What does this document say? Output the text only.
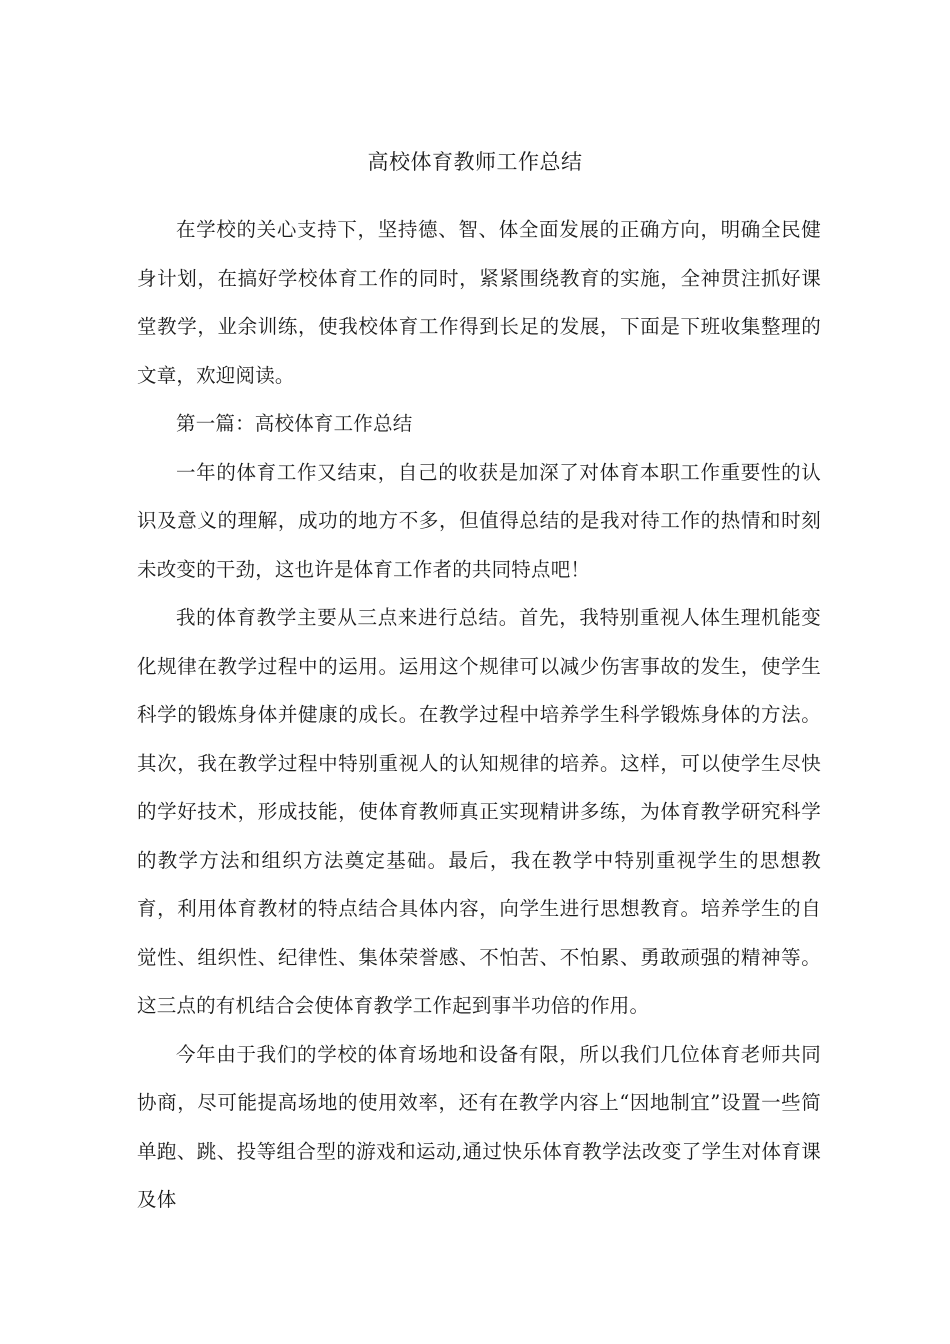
高校体育教师工作总结

在学校的关心支持下，坚持德、智、体全面发展的正确方向，明确全民健身计划，在搞好学校体育工作的同时，紧紧围绕教育的实施，全神贯注抓好课堂教学，业余训练，使我校体育工作得到长足的发展，下面是下班收集整理的文章，欢迎阅读。

第一篇：高校体育工作总结

一年的体育工作又结束，自己的收获是加深了对体育本职工作重要性的认识及意义的理解，成功的地方不多，但值得总结的是我对待工作的热情和时刻未改变的干劲，这也许是体育工作者的共同特点吧！

我的体育教学主要从三点来进行总结。首先，我特别重视人体生理机能变化规律在教学过程中的运用。运用这个规律可以减少伤害事故的发生，使学生科学的锻炼身体并健康的成长。在教学过程中培养学生科学锻炼身体的方法。其次，我在教学过程中特别重视人的认知规律的培养。这样，可以使学生尽快的学好技术，形成技能，使体育教师真正实现精讲多练，为体育教学研究科学的教学方法和组织方法奠定基础。最后，我在教学中特别重视学生的思想教育，利用体育教材的特点结合具体内容，向学生进行思想教育。培养学生的自觉性、组织性、纪律性、集体荣誉感、不怕苦、不怕累、勇敢顽强的精神等。这三点的有机结合会使体育教学工作起到事半功倍的作用。

今年由于我们的学校的体育场地和设备有限，所以我们几位体育老师共同协商，尽可能提高场地的使用效率，还有在教学内容上“因地制宜”设置一些简单跑、跳、投等组合型的游戏和运动,通过快乐体育教学法改变了学生对体育课及体
